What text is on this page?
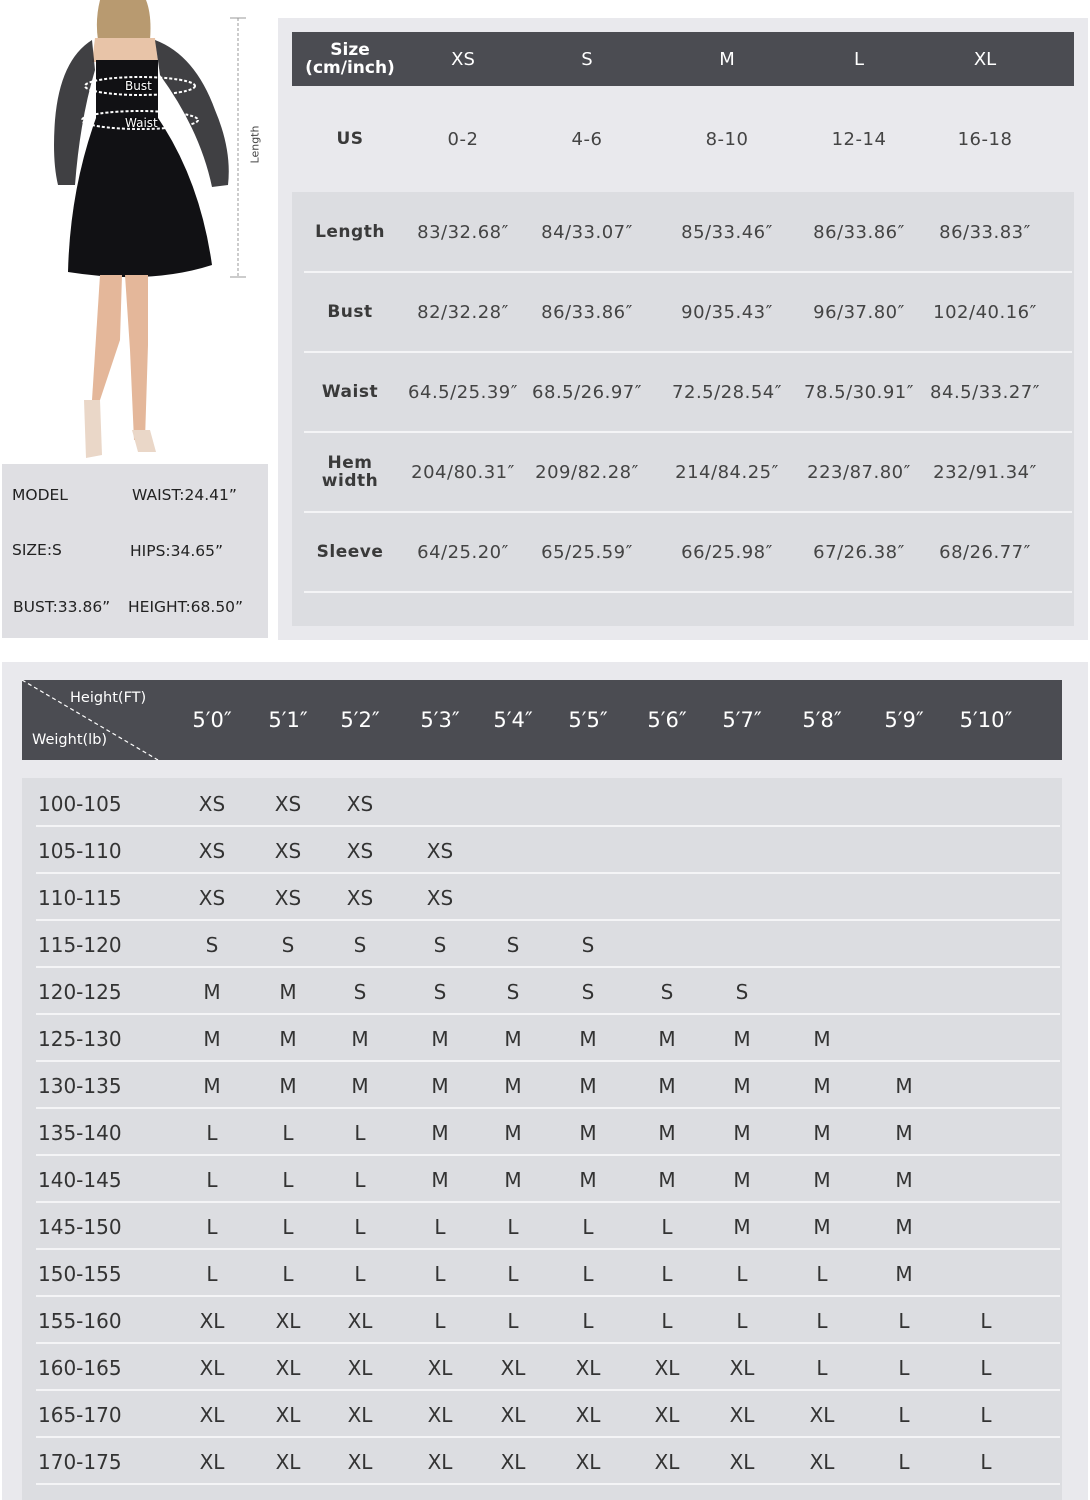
Bust
Waist
Length
MODEL	WAIST:24.41”
SIZE:S	HIPS:34.65”
BUST:33.86” HEIGHT:68.50”
Size
(cm/inch)	XS	S	M	L	XL
US	0-2	4-6	8-10	12-14	16-18
Length	83/32.68″	84/33.07″	85/33.46″	86/33.86″	86/33.83″
Bust	82/32.28″	86/33.86″	90/35.43″	96/37.80″	102/40.16″
Waist 64.5/25.39″ 68.5/26.97″ 72.5/28.54″ 78.5/30.91″ 84.5/33.27″
Hem
width	204/80.31″	209/82.28″	214/84.25″	223/87.80″	232/91.34″
Sleeve	64/25.20″	65/25.59″	66/25.98″	67/26.38″	68/26.77″
Height(FT)
Weight(lb)
5′0″	5′1″	5′2″	5′3″	5′4″	5′5″	5′6″	5′7″	5′8″	5′9″	5′10″
100-105	XS	XS	XS
105-110	XS	XS	XS	XS
110-115	XS	XS	XS	XS
115-120	S	S	S	S	S	S
120-125	M	M	S	S	S	S	S	S
125-130	M	M	M	M	M	M	M	M	M
130-135	M	M	M	M	M	M	M	M	M	M
135-140	L	L	L	M	M	M	M	M	M	M
140-145	L	L	L	M	M	M	M	M	M	M
145-150	L	L	L	L	L	L	L	M	M	M
150-155	L	L	L	L	L	L	L	L	L	M
155-160	XL	XL	XL	L	L	L	L	L	L	L	L
160-165	XL	XL	XL	XL	XL	XL	XL	XL	L	L	L
165-170	XL	XL	XL	XL	XL	XL	XL	XL	XL	L	L
170-175	XL	XL	XL	XL	XL	XL	XL	XL	XL	L	L
